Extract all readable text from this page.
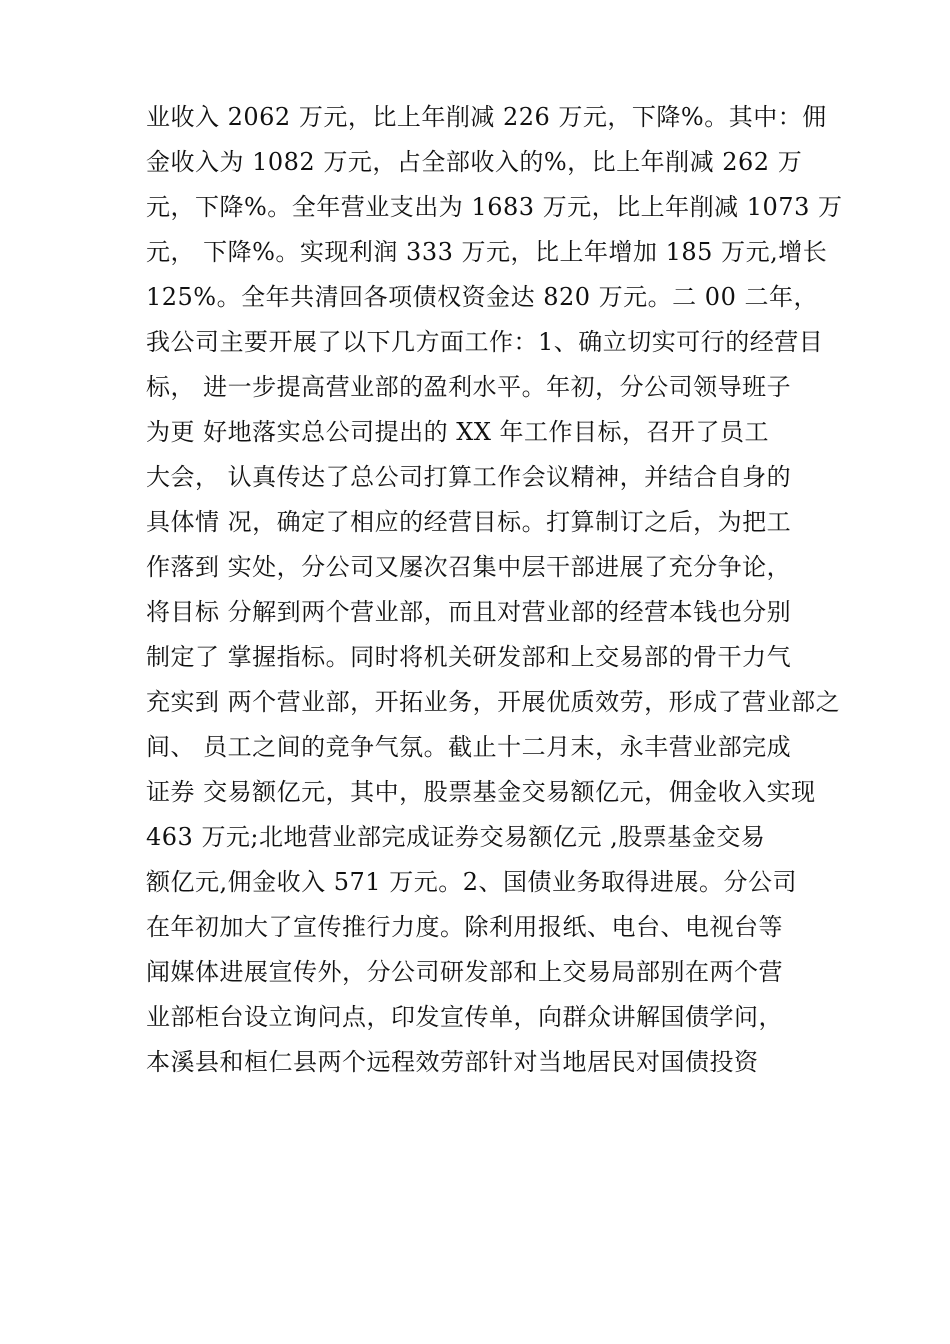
业收入 2062 万元，比上年削减 226 万元，下降%。其中：佣
金收入为 1082 万元，占全部收入的%，比上年削减 262 万
元，下降%。全年营业支出为 1683 万元，比上年削减 1073 万
元， 下降%。实现利润 333 万元，比上年增加 185 万元,增长
125%。全年共清回各项债权资金达 820 万元。二 00 二年，
我公司主要开展了以下几方面工作：1、确立切实可行的经营目
标， 进一步提高营业部的盈利水平。年初，分公司领导班子
为更 好地落实总公司提出的 XX 年工作目标，召开了员工
大会， 认真传达了总公司打算工作会议精神，并结合自身的
具体情 况，确定了相应的经营目标。打算制订之后，为把工
作落到 实处，分公司又屡次召集中层干部进展了充分争论，
将目标 分解到两个营业部，而且对营业部的经营本钱也分别
制定了 掌握指标。同时将机关研发部和上交易部的骨干力气
充实到 两个营业部，开拓业务，开展优质效劳，形成了营业部之
间、 员工之间的竞争气氛。截止十二月末，永丰营业部完成
证券 交易额亿元，其中，股票基金交易额亿元，佣金收入实现
463 万元;北地营业部完成证券交易额亿元 ,股票基金交易
额亿元,佣金收入 571 万元。2、国债业务取得进展。分公司
在年初加大了宣传推行力度。除利用报纸、电台、电视台等
闻媒体进展宣传外，分公司研发部和上交易局部别在两个营
业部柜台设立询问点，印发宣传单，向群众讲解国债学问，
本溪县和桓仁县两个远程效劳部针对当地居民对国债投资
